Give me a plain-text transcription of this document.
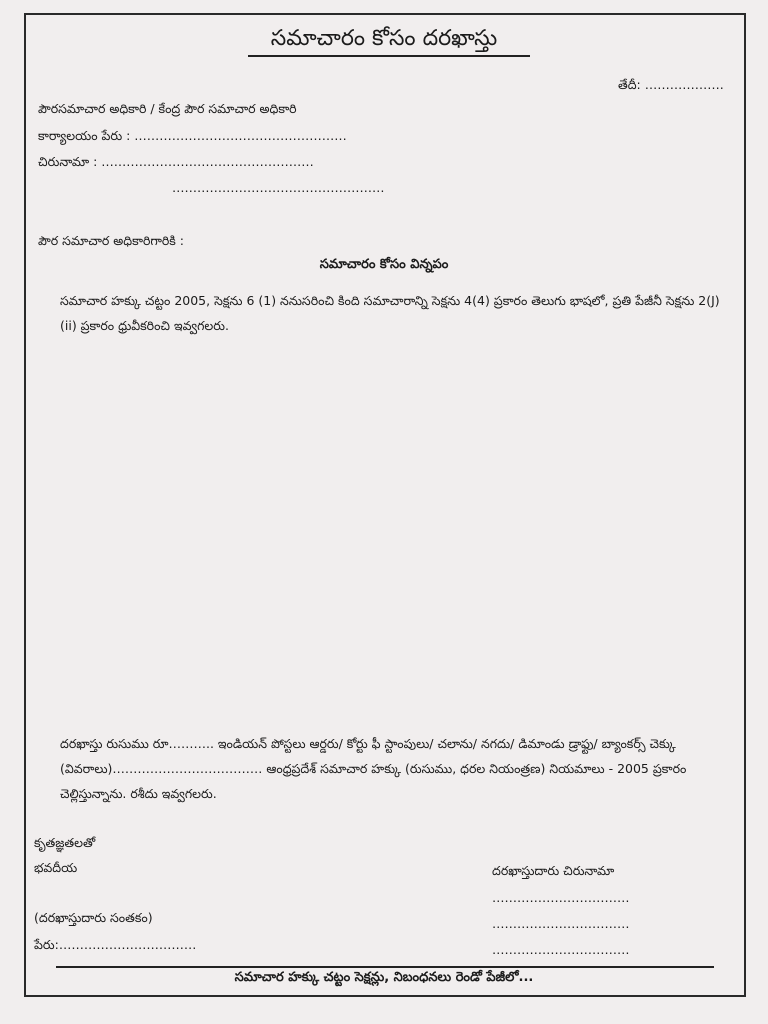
సమాచారం కోసం దరఖాస్తు
తేదీ: ……………….
పౌరసమాచార అధికారి / కేంద్ర పౌర సమాచార అధికారి
కార్యాలయం పేరు : ……………………………………………
చిరునామా : ……………………………………………
……………………………………………
పౌర సమాచార అధికారిగారికి :
సమాచారం కోసం విన్నపం
సమాచార హక్కు చట్టం 2005, సెక్షను 6 (1) ననుసరించి కింది సమాచారాన్ని సెక్షను 4(4) ప్రకారం తెలుగు భాషలో, ప్రతి పేజీనీ సెక్షను 2(J)(ii) ప్రకారం ధ్రువీకరించి ఇవ్వగలరు.
దరఖాస్తు రుసుము రూ……….. ఇండియన్ పోస్టలు ఆర్డరు/ కోర్టు ఫీ స్టాంపులు/ చలాను/ నగదు/ డిమాండు డ్రాఫ్టు/ బ్యాంకర్స్ చెక్కు (వివరాలు)……………………………… ఆంధ్రప్రదేశ్ సమాచార హక్కు (రుసుము, ధరల నియంత్రణ) నియమాలు - 2005 ప్రకారం చెల్లిస్తున్నాను. రశీదు ఇవ్వగలరు.
కృతజ్ఞతలతో
భవదీయ
(దరఖాస్తుదారు సంతకం)
పేరు:……………………………
దరఖాస్తుదారు చిరునామా
……………………………
……………………………
……………………………
సమాచార హక్కు చట్టం సెక్షన్లు, నిబంధనలు రెండో పేజీలో...
